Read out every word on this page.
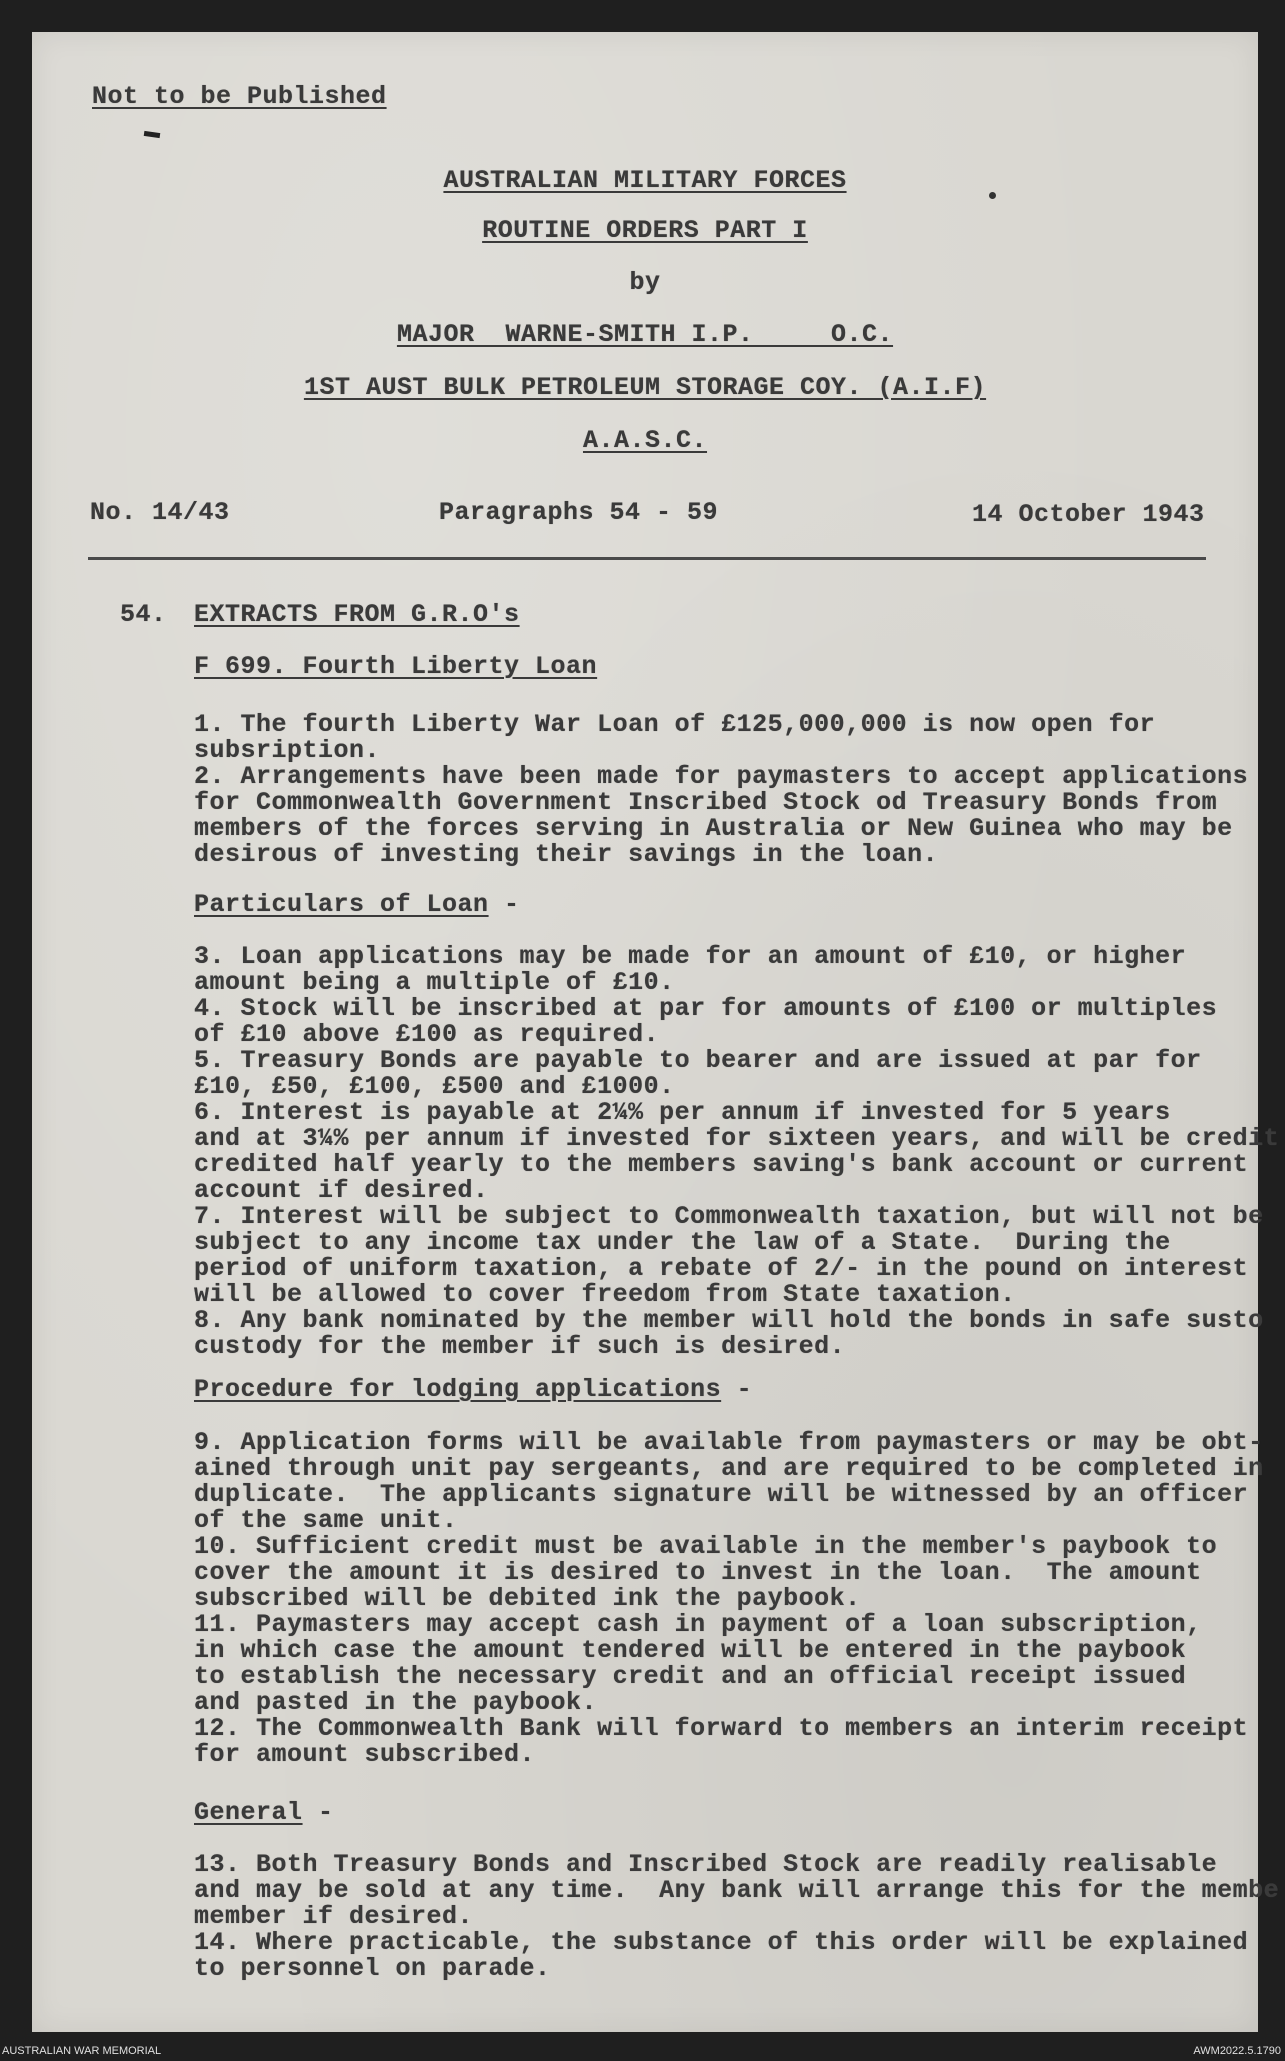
Not to be Published
AUSTRALIAN MILITARY FORCES
ROUTINE ORDERS PART I
by
MAJOR  WARNE-SMITH I.P.     O.C.
1ST AUST BULK PETROLEUM STORAGE COY. (A.I.F)
A.A.S.C.
No. 14/43	Paragraphs 54 - 59	14 October 1943
54. EXTRACTS FROM G.R.O's
F 699. Fourth Liberty Loan
1. The fourth Liberty War Loan of £125,000,000 is now open for
subsription.
2. Arrangements have been made for paymasters to accept applications
for Commonwealth Government Inscribed Stock od Treasury Bonds from
members of the forces serving in Australia or New Guinea who may be
desirous of investing their savings in the loan.
Particulars of Loan -
3. Loan applications may be made for an amount of £10, or higher
amount being a multiple of £10.
4. Stock will be inscribed at par for amounts of £100 or multiples
of £10 above £100 as required.
5. Treasury Bonds are payable to bearer and are issued at par for
£10, £50, £100, £500 and £1000.
6. Interest is payable at 2¼% per annum if invested for 5 years
and at 3¼% per annum if invested for sixteen years, and will be credit
credited half yearly to the members saving's bank account or current
account if desired.
7. Interest will be subject to Commonwealth taxation, but will not be
subject to any income tax under the law of a State.  During the
period of uniform taxation, a rebate of 2/- in the pound on interest
will be allowed to cover freedom from State taxation.
8. Any bank nominated by the member will hold the bonds in safe susto
custody for the member if such is desired.
Procedure for lodging applications -
9. Application forms will be available from paymasters or may be obt-
ained through unit pay sergeants, and are required to be completed in
duplicate.  The applicants signature will be witnessed by an officer
of the same unit.
10. Sufficient credit must be available in the member's paybook to
cover the amount it is desired to invest in the loan.  The amount
subscribed will be debited ink the paybook.
11. Paymasters may accept cash in payment of a loan subscription,
in which case the amount tendered will be entered in the paybook
to establish the necessary credit and an official receipt issued
and pasted in the paybook.
12. The Commonwealth Bank will forward to members an interim receipt
for amount subscribed.
General -
13. Both Treasury Bonds and Inscribed Stock are readily realisable
and may be sold at any time.  Any bank will arrange this for the membe
member if desired.
14. Where practicable, the substance of this order will be explained
to personnel on parade.
AUSTRALIAN WAR MEMORIAL	AWM2022.5.1790
